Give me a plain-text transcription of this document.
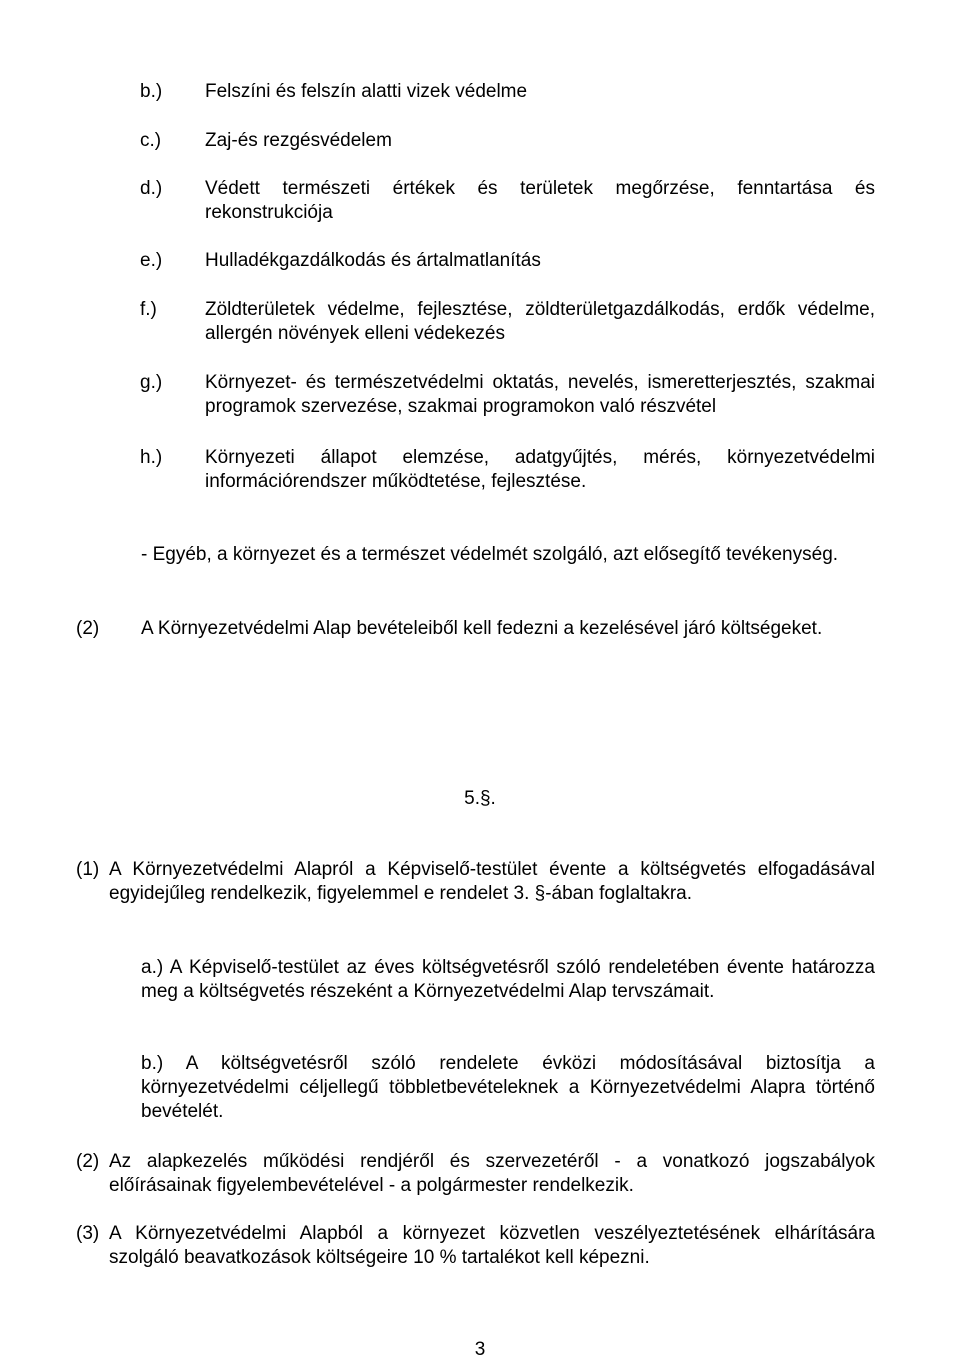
b.) Felszíni és felszín alatti vizek védelme
c.) Zaj-és rezgésvédelem
d.) Védett természeti értékek és területek megőrzése, fenntartása és rekonstrukciója
e.) Hulladékgazdálkodás és ártalmatlanítás
f.)	Zöldterületek védelme, fejlesztése, zöldterületgazdálkodás, erdők védelme, allergén növények elleni védekezés
g.) Környezet- és természetvédelmi oktatás, nevelés, ismeretterjesztés, szakmai programok szervezése, szakmai programokon való részvétel
h.) Környezeti állapot elemzése, adatgyűjtés, mérés, környezetvédelmi információrendszer működtetése, fejlesztése.
- Egyéb, a környezet és a természet védelmét szolgáló, azt elősegítő tevékenység.
(2) A Környezetvédelmi Alap bevételeiből kell fedezni a kezelésével járó költségeket.
5.§.
(1) A Környezetvédelmi Alapról a Képviselő-testület évente a költségvetés elfogadásával egyidejűleg rendelkezik, figyelemmel e rendelet 3. §-ában foglaltakra.
a.) A Képviselő-testület az éves költségvetésről szóló rendeletében évente határozza meg a költségvetés részeként a Környezetvédelmi Alap tervszámait.
b.) A költségvetésről szóló rendelete évközi módosításával biztosítja a környezetvédelmi céljellegű többletbevételeknek a Környezetvédelmi Alapra történő bevételét.
(2) Az alapkezelés működési rendjéről és szervezetéről - a vonatkozó jogszabályok előírásainak figyelembevételével - a polgármester rendelkezik.
(3) A Környezetvédelmi Alapból a környezet közvetlen veszélyeztetésének elhárítására szolgáló beavatkozások költségeire 10 % tartalékot kell képezni.
3
